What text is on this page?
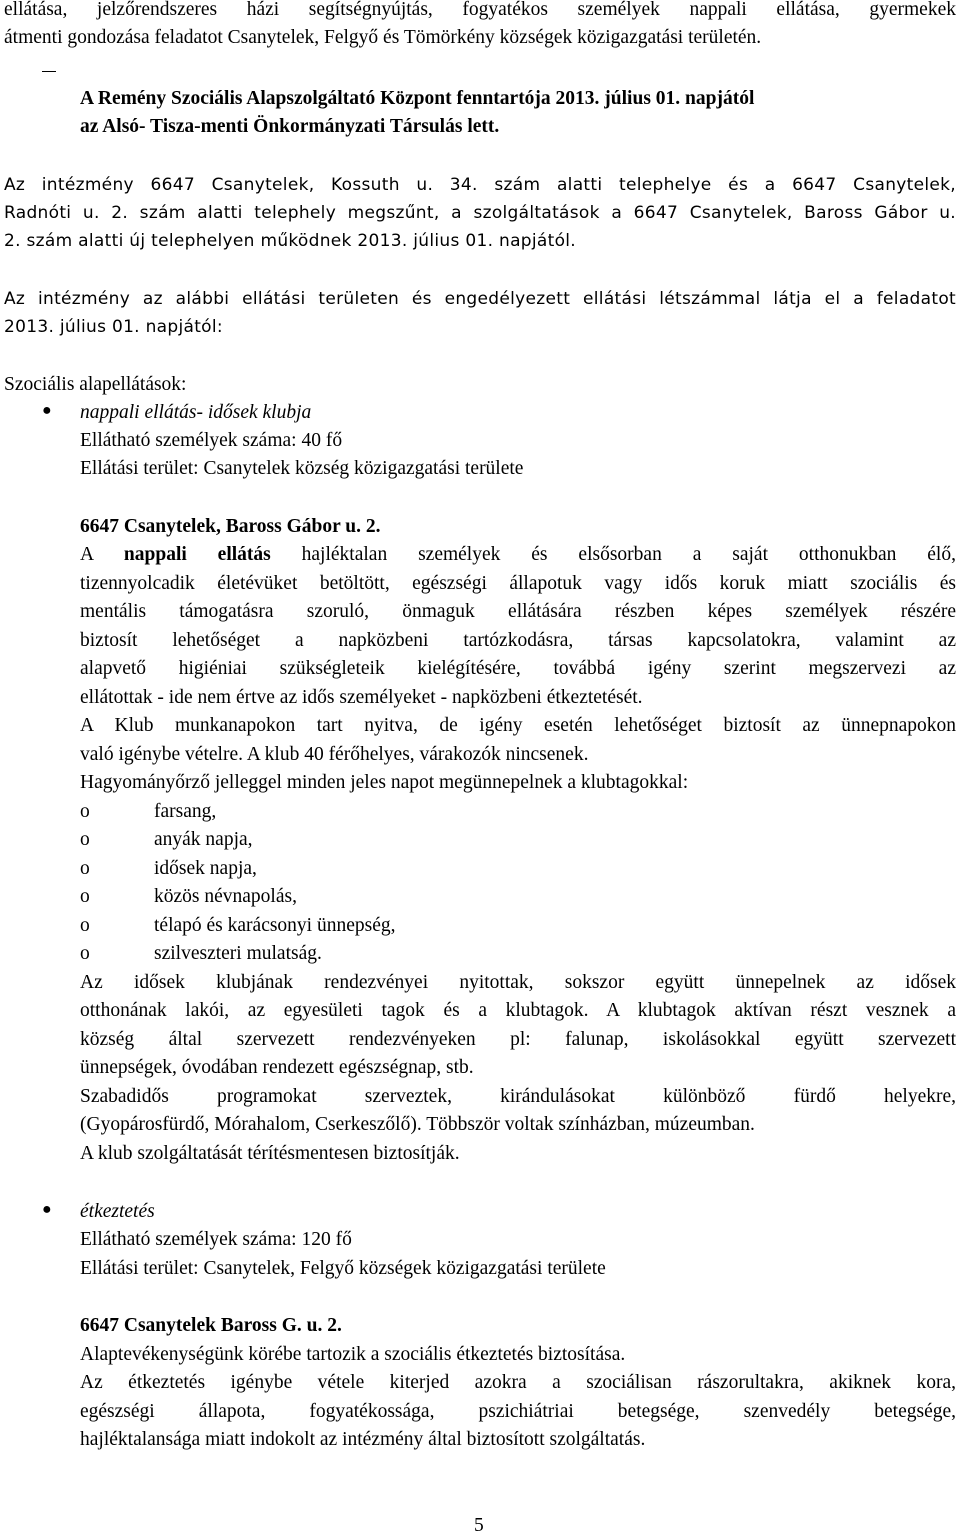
ellátása, jelzőrendszeres házi segítségnyújtás, fogyatékos személyek nappali ellátása, gyermekek
átmenti gondozása feladatot Csanytelek, Felgyő és Tömörkény községek közigazgatási területén.
A Remény Szociális Alapszolgáltató Központ fenntartója 2013. július 01. napjától
az Alsó- Tisza-menti Önkormányzati Társulás lett.
Az intézmény 6647 Csanytelek, Kossuth u. 34. szám alatti telephelye és a 6647 Csanytelek,
Radnóti u. 2. szám alatti telephely megszűnt, a szolgáltatások a 6647 Csanytelek, Baross Gábor u.
2. szám alatti új telephelyen működnek 2013. július 01. napjától.
Az intézmény az alábbi ellátási területen és engedélyezett ellátási létszámmal látja el a feladatot
2013. július 01. napjától:
Szociális alapellátások:
● nappali ellátás- idősek klubja
Ellátható személyek száma: 40 fő
Ellátási terület: Csanytelek község közigazgatási területe
6647 Csanytelek, Baross Gábor u. 2.
A nappali ellátás hajléktalan személyek és elsősorban a saját otthonukban élő,
tizennyolcadik életévüket betöltött, egészségi állapotuk vagy idős koruk miatt szociális és
mentális támogatásra szoruló, önmaguk ellátására részben képes személyek részére
biztosít lehetőséget a napközbeni tartózkodásra, társas kapcsolatokra, valamint az
alapvető higiéniai szükségleteik kielégítésére, továbbá igény szerint megszervezi az
ellátottak - ide nem értve az idős személyeket - napközbeni étkeztetését.
A Klub munkanapokon tart nyitva, de igény esetén lehetőséget biztosít az ünnepnapokon
való igénybe vételre. A klub 40 férőhelyes, várakozók nincsenek.
Hagyományőrző jelleggel minden jeles napot megünnepelnek a klubtagokkal:
o	farsang,
o	anyák napja,
o	idősek napja,
o	közös névnapolás,
o	télapó és karácsonyi ünnepség,
o	szilveszteri mulatság.
Az idősek klubjának rendezvényei nyitottak, sokszor együtt ünnepelnek az idősek
otthonának lakói, az egyesületi tagok és a klubtagok. A klubtagok aktívan részt vesznek a
község által szervezett rendezvényeken pl: falunap, iskolásokkal együtt szervezett
ünnepségek, óvodában rendezett egészségnap, stb.
Szabadidős programokat szerveztek, kirándulásokat különböző fürdő helyekre,
(Gyopárosfürdő, Mórahalom, Cserkeszőlő). Többször voltak színházban, múzeumban.
A klub szolgáltatását térítésmentesen biztosítják.
● étkeztetés
Ellátható személyek száma: 120 fő
Ellátási terület: Csanytelek, Felgyő községek közigazgatási területe
6647 Csanytelek Baross G. u. 2.
Alaptevékenységünk körébe tartozik a szociális étkeztetés biztosítása.
Az étkeztetés igénybe vétele kiterjed azokra a szociálisan rászorultakra, akiknek kora,
egészségi állapota, fogyatékossága, pszichiátriai betegsége, szenvedély betegsége,
hajléktalansága miatt indokolt az intézmény által biztosított szolgáltatás.
5
